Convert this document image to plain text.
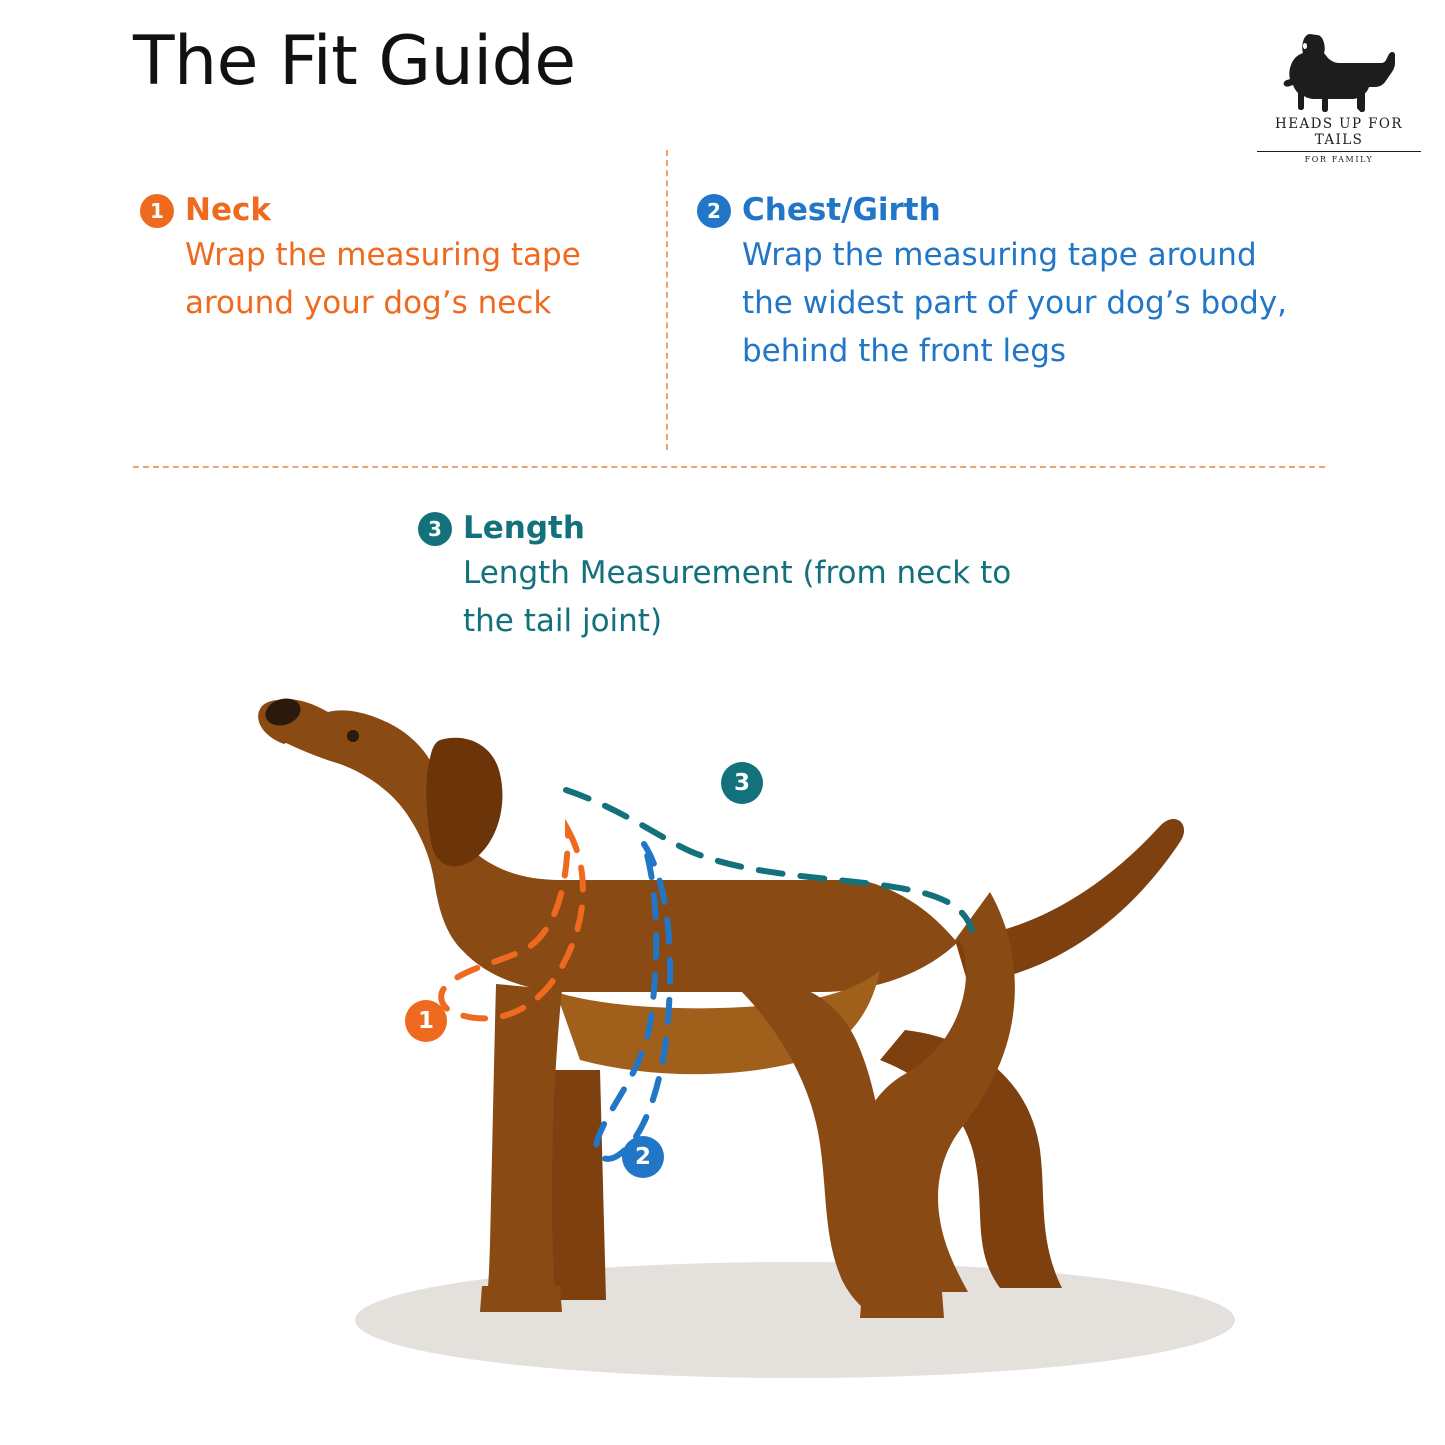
The Fit Guide
HEADS UP FOR TAILS
FOR FAMILY
1 Neck
Wrap the measuring tape around your dog’s neck
2 Chest/Girth
Wrap the measuring tape around the widest part of your dog’s body, behind the front legs
3 Length
Length Measurement (from neck to the tail joint)
1
2
3
